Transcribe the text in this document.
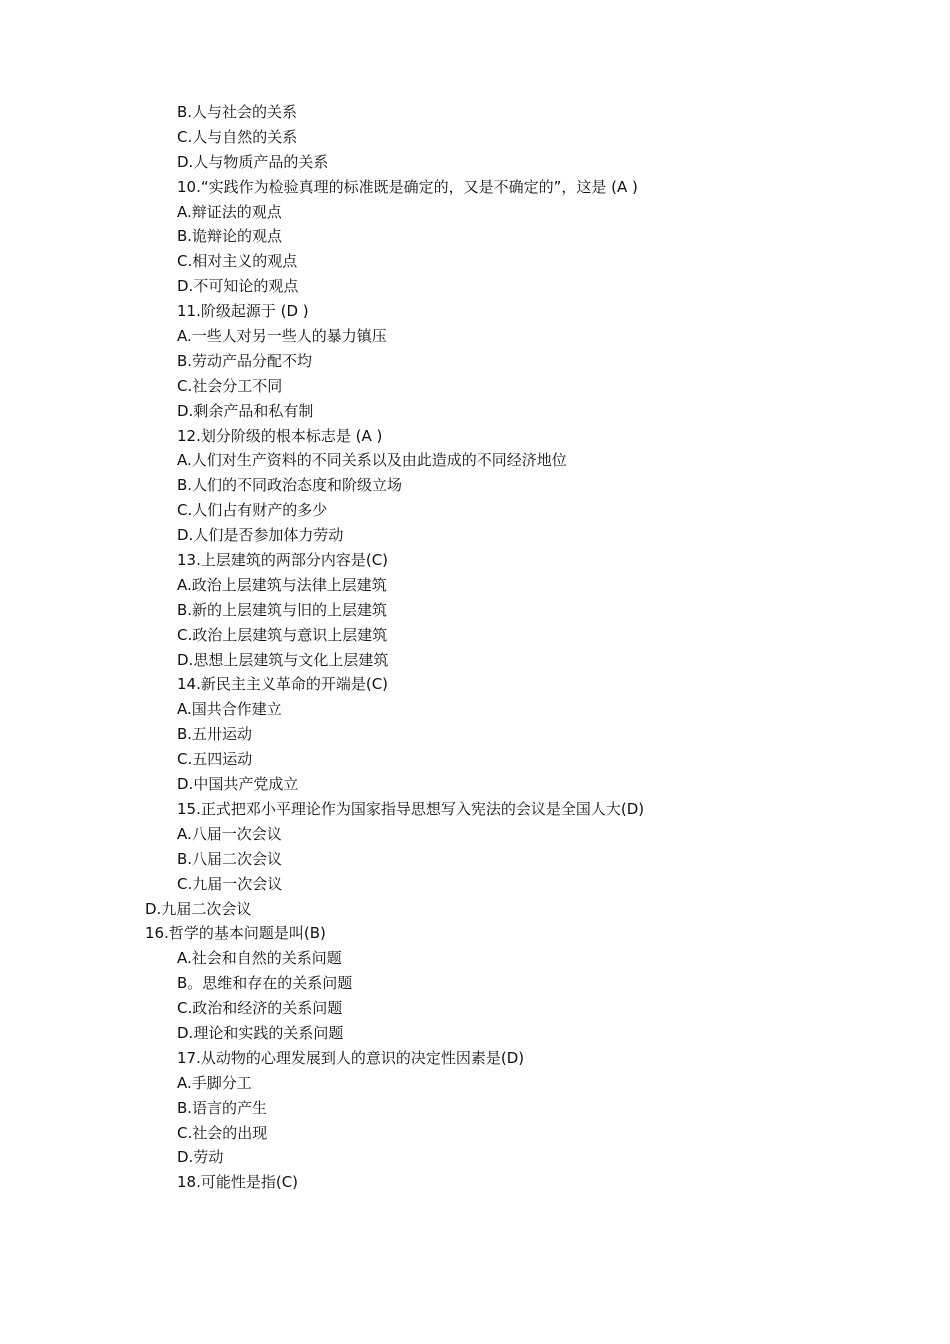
B.人与社会的关系
C.人与自然的关系
D.人与物质产品的关系
10.“实践作为检验真理的标准既是确定的，又是不确定的”，这是 (A )
A.辩证法的观点
B.诡辩论的观点
C.相对主义的观点
D.不可知论的观点
11.阶级起源于 (D )
A.一些人对另一些人的暴力镇压
B.劳动产品分配不均
C.社会分工不同
D.剩余产品和私有制
12.划分阶级的根本标志是 (A )
A.人们对生产资料的不同关系以及由此造成的不同经济地位
B.人们的不同政治态度和阶级立场
C.人们占有财产的多少
D.人们是否参加体力劳动
13.上层建筑的两部分内容是(C)
A.政治上层建筑与法律上层建筑
B.新的上层建筑与旧的上层建筑
C.政治上层建筑与意识上层建筑
D.思想上层建筑与文化上层建筑
14.新民主主义革命的开端是(C)
A.国共合作建立
B.五卅运动
C.五四运动
D.中国共产党成立
15.正式把邓小平理论作为国家指导思想写入宪法的会议是全国人大(D)
A.八届一次会议
B.八届二次会议
C.九届一次会议
D.九届二次会议
16.哲学的基本问题是叫(B)
A.社会和自然的关系问题
B。思维和存在的关系问题
C.政治和经济的关系问题
D.理论和实践的关系问题
17.从动物的心理发展到人的意识的决定性因素是(D)
A.手脚分工
B.语言的产生
C.社会的出现
D.劳动
18.可能性是指(C)
